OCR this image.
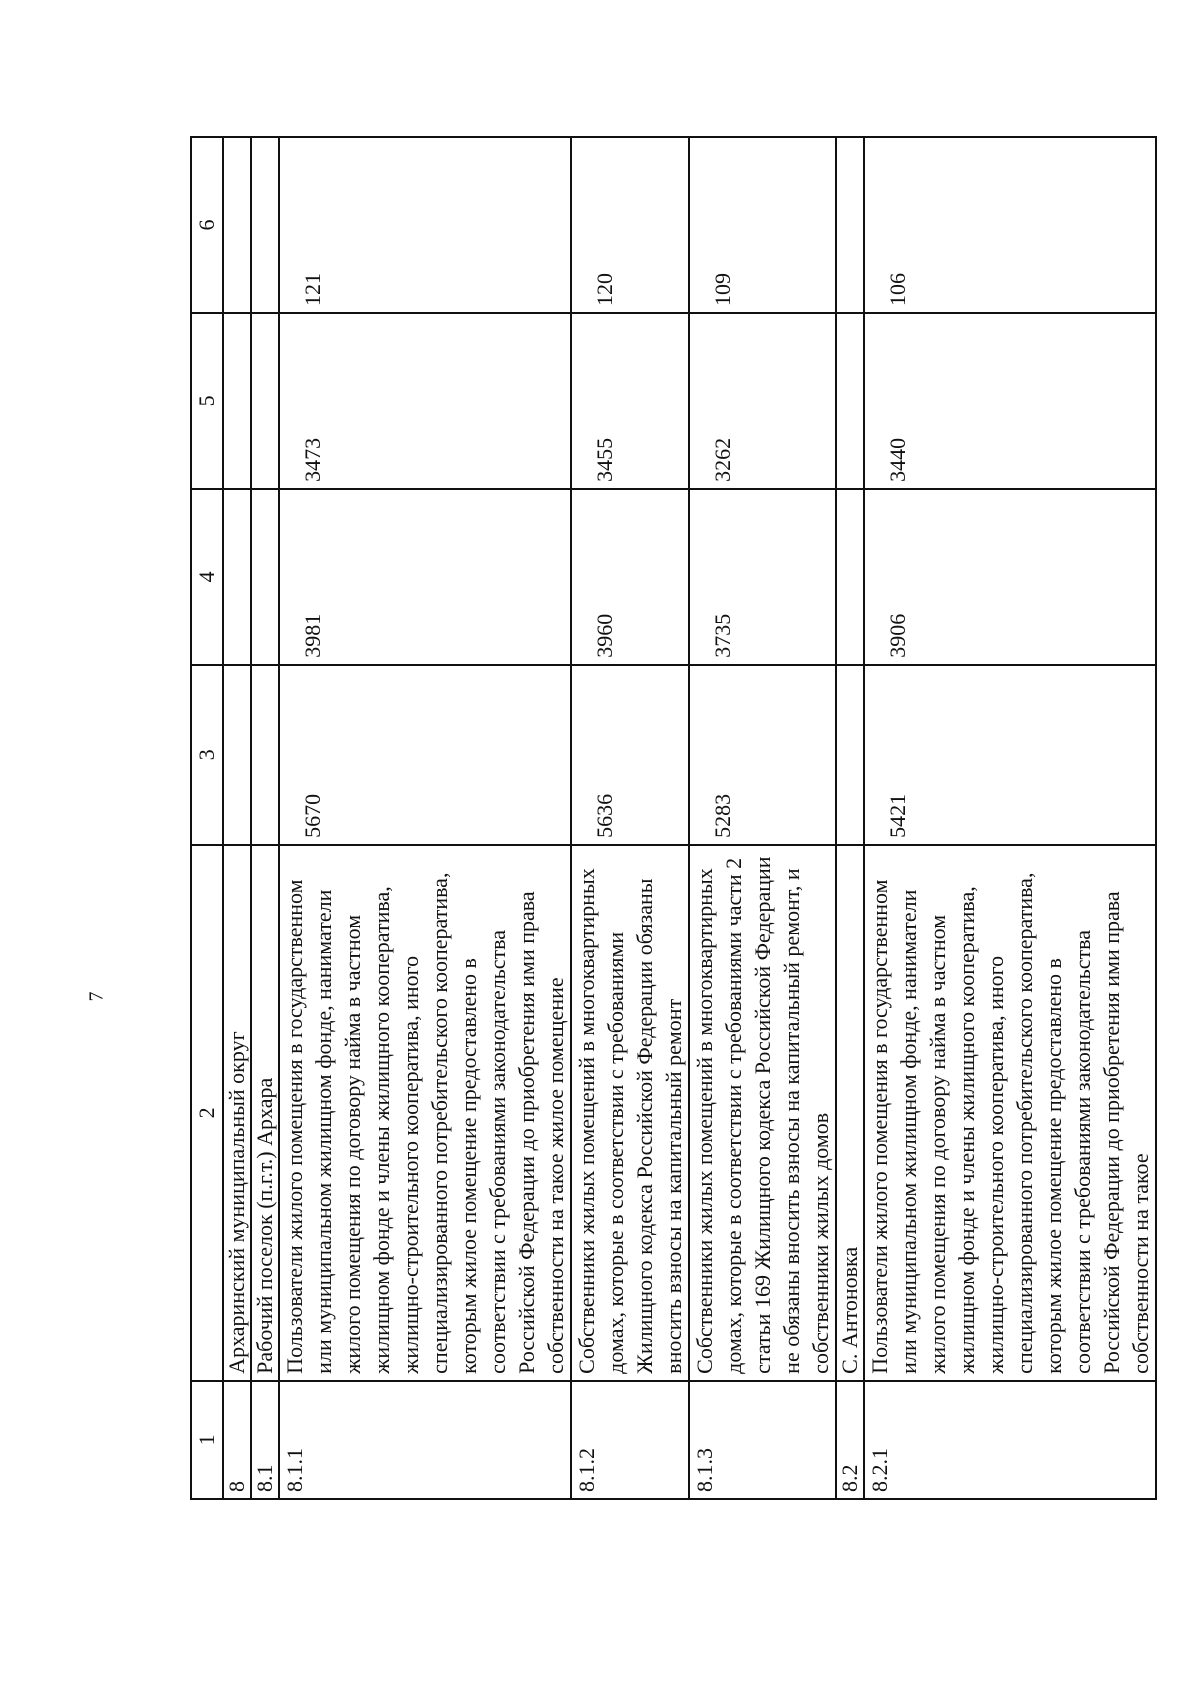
7
1	2	3	4	5	6
8	Архаринский муниципальный округ				
8.1	Рабочий поселок (п.г.т.) Архара				
8.1.1	Пользователи жилого помещения в государственном или муниципальном жилищном фонде, наниматели жилого помещения по договору найма в частном жилищном фонде и члены жилищного кооператива, жилищно-строительного кооператива, иного специализированного потребительского кооператива, которым жилое помещение предоставлено в соответствии с требованиями законодательства Российской Федерации до приобретения ими права собственности на такое жилое помещение	5670	3981	3473	121

8.1.2	Собственники жилых помещений в многоквартирных домах, которые в соответствии с требованиями Жилищного кодекса Российской Федерации обязаны вносить взносы на капитальный ремонт	5636	3960	3455	120

8.1.3	Собственники жилых помещений в многоквартирных домах, которые в соответствии с требованиями части 2 статьи 169 Жилищного кодекса Российской Федерации не обязаны вносить взносы на капитальный ремонт, и собственники жилых домов	5283	3735	3262	109

8.2	С. Антоновка				
8.2.1	Пользователи жилого помещения в государственном или муниципальном жилищном фонде, наниматели жилого помещения по договору найма в частном жилищном фонде и члены жилищного кооператива, жилищно-строительного кооператива, иного специализированного потребительского кооператива, которым жилое помещение предоставлено в соответствии с требованиями законодательства Российской Федерации до приобретения ими права собственности на такое	5421	3906	3440	106
